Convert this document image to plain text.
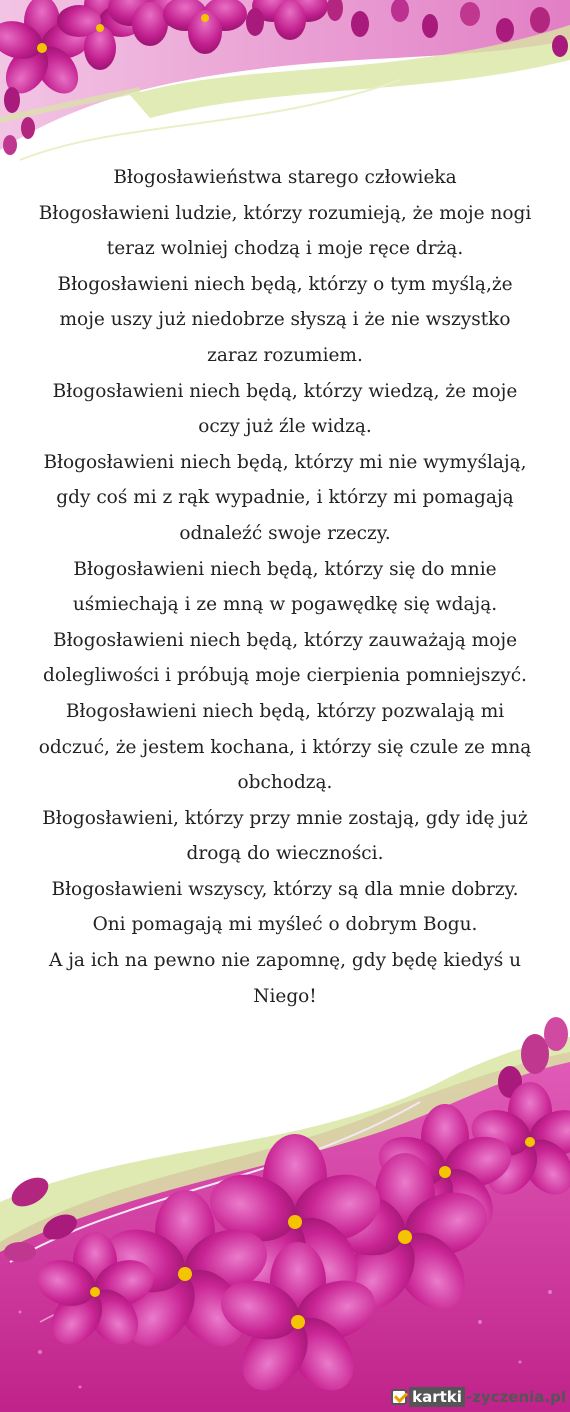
Błogosławieństwa starego człowieka
Błogosławieni ludzie, którzy rozumieją, że moje nogi
teraz wolniej chodzą i moje ręce drżą.
Błogosławieni niech będą, którzy o tym myślą,że
moje uszy już niedobrze słyszą i że nie wszystko
zaraz rozumiem.
Błogosławieni niech będą, którzy wiedzą, że moje
oczy już źle widzą.
Błogosławieni niech będą, którzy mi nie wymyślają,
gdy coś mi z rąk wypadnie, i którzy mi pomagają
odnaleźć swoje rzeczy.
Błogosławieni niech będą, którzy się do mnie
uśmiechają i ze mną w pogawędkę się wdają.
Błogosławieni niech będą, którzy zauważają moje
dolegliwości i próbują moje cierpienia pomniejszyć.
Błogosławieni niech będą, którzy pozwalają mi
odczuć, że jestem kochana, i którzy się czule ze mną
obchodzą.
Błogosławieni, którzy przy mnie zostają, gdy idę już
drogą do wieczności.
Błogosławieni wszyscy, którzy są dla mnie dobrzy.
Oni pomagają mi myśleć o dobrym Bogu.
A ja ich na pewno nie zapomnę, gdy będę kiedyś u
Niego!
kartki -zyczenia.pl
